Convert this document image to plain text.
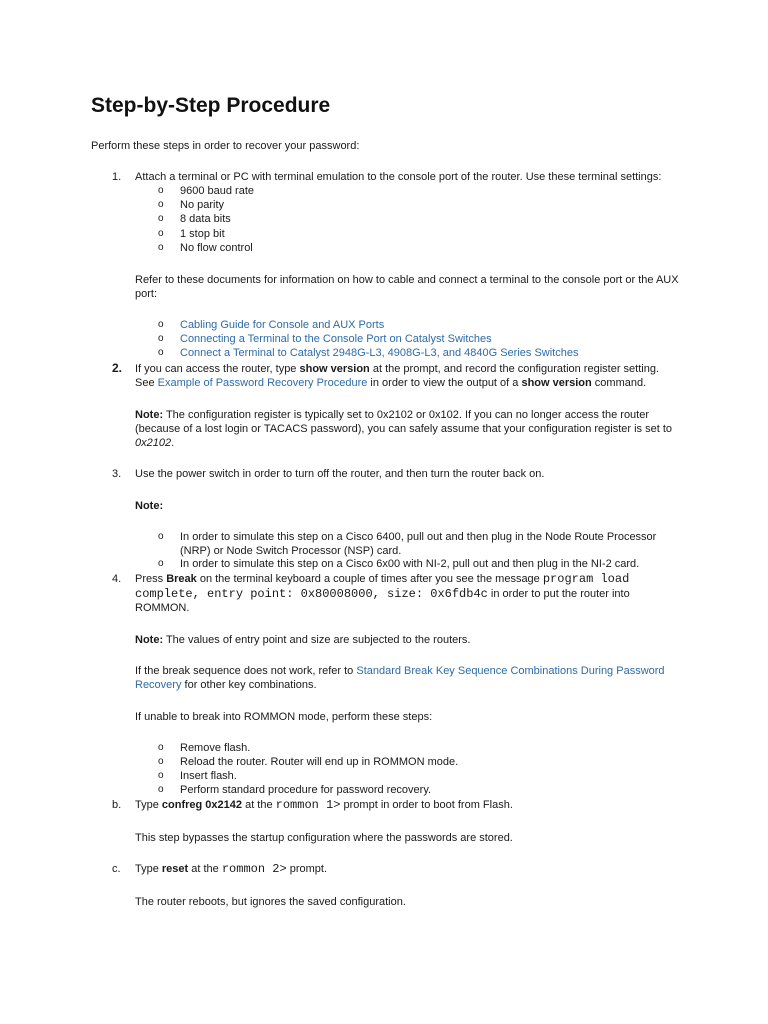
Step-by-Step Procedure
Perform these steps in order to recover your password:
1.	Attach a terminal or PC with terminal emulation to the console port of the router. Use these terminal settings:
o 9600 baud rate
o No parity
o 8 data bits
o 1 stop bit
o No flow control
Refer to these documents for information on how to cable and connect a terminal to the console port or the AUX port:
o Cabling Guide for Console and AUX Ports
o Connecting a Terminal to the Console Port on Catalyst Switches
o Connect a Terminal to Catalyst 2948G-L3, 4908G-L3, and 4840G Series Switches
2.	If you can access the router, type show version at the prompt, and record the configuration register setting. See Example of Password Recovery Procedure in order to view the output of a show version command.
Note: The configuration register is typically set to 0x2102 or 0x102. If you can no longer access the router (because of a lost login or TACACS password), you can safely assume that your configuration register is set to 0x2102.
3.	Use the power switch in order to turn off the router, and then turn the router back on.
Note:
o In order to simulate this step on a Cisco 6400, pull out and then plug in the Node Route Processor (NRP) or Node Switch Processor (NSP) card.
o In order to simulate this step on a Cisco 6x00 with NI-2, pull out and then plug in the NI-2 card.
4.	Press Break on the terminal keyboard a couple of times after you see the message program load complete, entry point: 0x80008000, size: 0x6fdb4c in order to put the router into ROMMON.
Note: The values of entry point and size are subjected to the routers.
If the break sequence does not work, refer to Standard Break Key Sequence Combinations During Password Recovery for other key combinations.
If unable to break into ROMMON mode, perform these steps:
o Remove flash.
o Reload the router. Router will end up in ROMMON mode.
o Insert flash.
o Perform standard procedure for password recovery.
b.	Type confreg 0x2142 at the rommon 1> prompt in order to boot from Flash.
This step bypasses the startup configuration where the passwords are stored.
c.	Type reset at the rommon 2> prompt.
The router reboots, but ignores the saved configuration.
